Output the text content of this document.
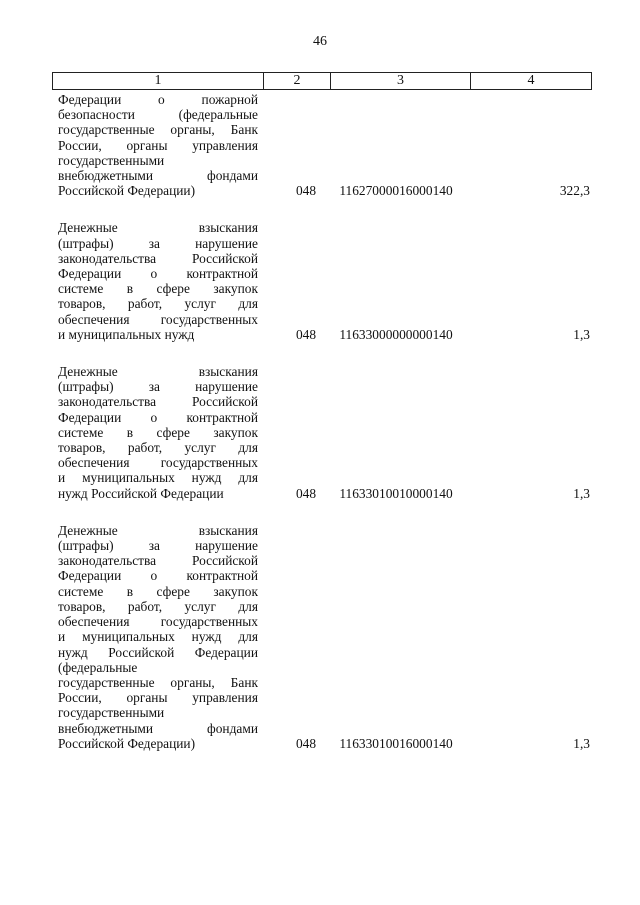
46
1	2	3	4
Федерации о пожарной
безопасности (федеральные
государственные органы, Банк
России, органы управления
государственными
внебюджетными фондами
Российской Федерации)	048	11627000016000140	322,3
Денежные взыскания
(штрафы) за нарушение
законодательства Российской
Федерации о контрактной
системе в сфере закупок
товаров, работ, услуг для
обеспечения государственных
и муниципальных нужд	048	11633000000000140	1,3
Денежные взыскания
(штрафы) за нарушение
законодательства Российской
Федерации о контрактной
системе в сфере закупок
товаров, работ, услуг для
обеспечения государственных
и муниципальных нужд для
нужд Российской Федерации	048	11633010010000140	1,3
Денежные взыскания
(штрафы) за нарушение
законодательства Российской
Федерации о контрактной
системе в сфере закупок
товаров, работ, услуг для
обеспечения государственных
и муниципальных нужд для
нужд Российской Федерации
(федеральные
государственные органы, Банк
России, органы управления
государственными
внебюджетными фондами
Российской Федерации)	048	11633010016000140	1,3
